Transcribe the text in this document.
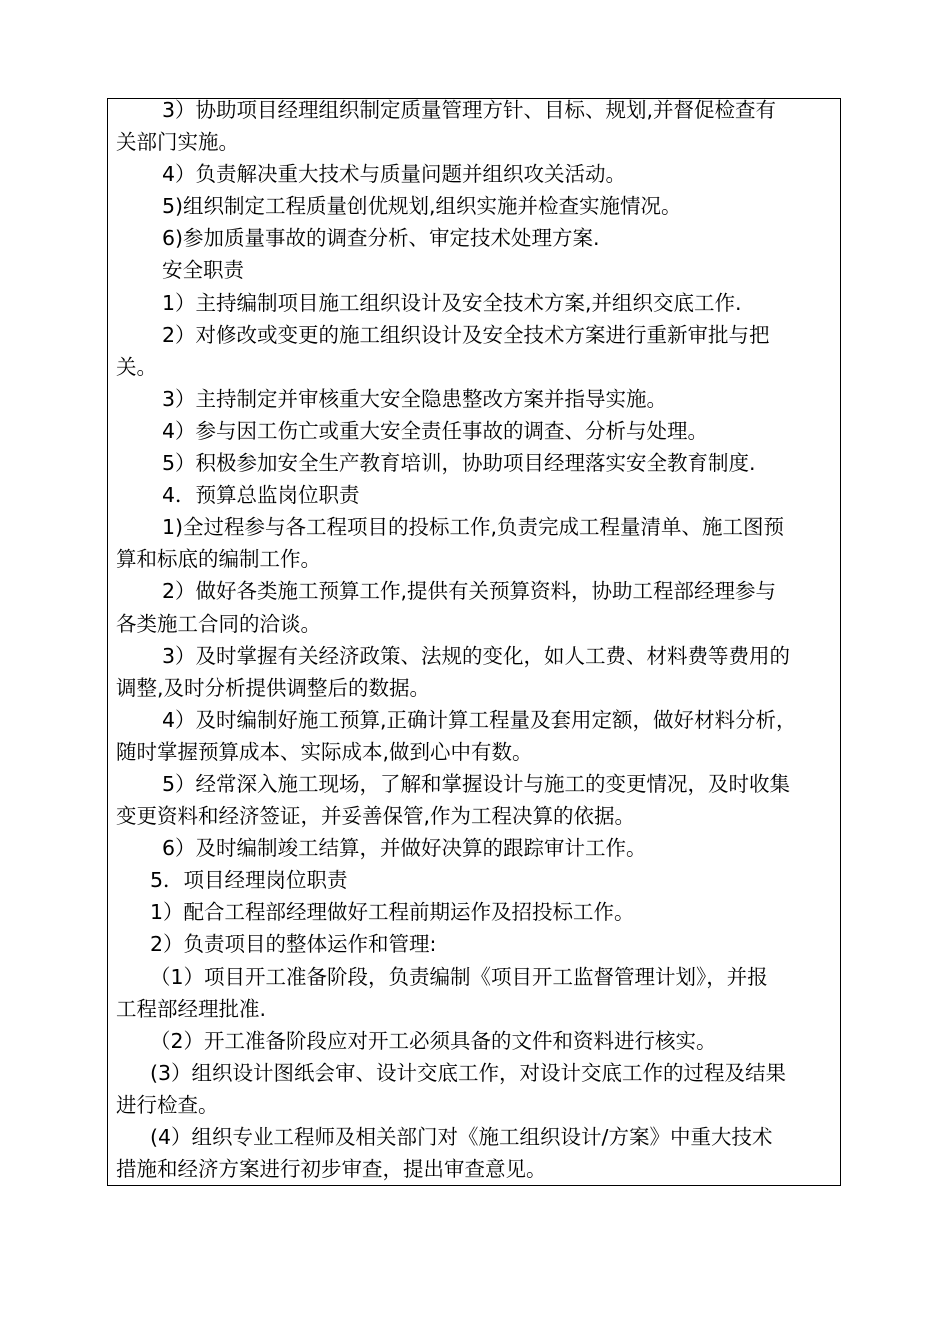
3）协助项目经理组织制定质量管理方针、目标、规划,并督促检查有
关部门实施。
4）负责解决重大技术与质量问题并组织攻关活动。
5)组织制定工程质量创优规划,组织实施并检查实施情况。
6)参加质量事故的调查分析、审定技术处理方案.
安全职责
1）主持编制项目施工组织设计及安全技术方案,并组织交底工作.
2）对修改或变更的施工组织设计及安全技术方案进行重新审批与把
关。
3）主持制定并审核重大安全隐患整改方案并指导实施。
4）参与因工伤亡或重大安全责任事故的调查、分析与处理。
5）积极参加安全生产教育培训，协助项目经理落实安全教育制度.
4．预算总监岗位职责
1)全过程参与各工程项目的投标工作,负责完成工程量清单、施工图预
算和标底的编制工作。
2）做好各类施工预算工作,提供有关预算资料，协助工程部经理参与
各类施工合同的洽谈。
3）及时掌握有关经济政策、法规的变化，如人工费、材料费等费用的
调整,及时分析提供调整后的数据。
4）及时编制好施工预算,正确计算工程量及套用定额，做好材料分析，
随时掌握预算成本、实际成本,做到心中有数。
5）经常深入施工现场，了解和掌握设计与施工的变更情况，及时收集
变更资料和经济签证，并妥善保管,作为工程决算的依据。
6）及时编制竣工结算，并做好决算的跟踪审计工作。
5．项目经理岗位职责
1）配合工程部经理做好工程前期运作及招投标工作。
2）负责项目的整体运作和管理:
（1）项目开工准备阶段，负责编制《项目开工监督管理计划》，并报
工程部经理批准.
（2）开工准备阶段应对开工必须具备的文件和资料进行核实。
(3）组织设计图纸会审、设计交底工作，对设计交底工作的过程及结果
进行检查。
(4）组织专业工程师及相关部门对《施工组织设计/方案》中重大技术
措施和经济方案进行初步审查，提出审查意见。
